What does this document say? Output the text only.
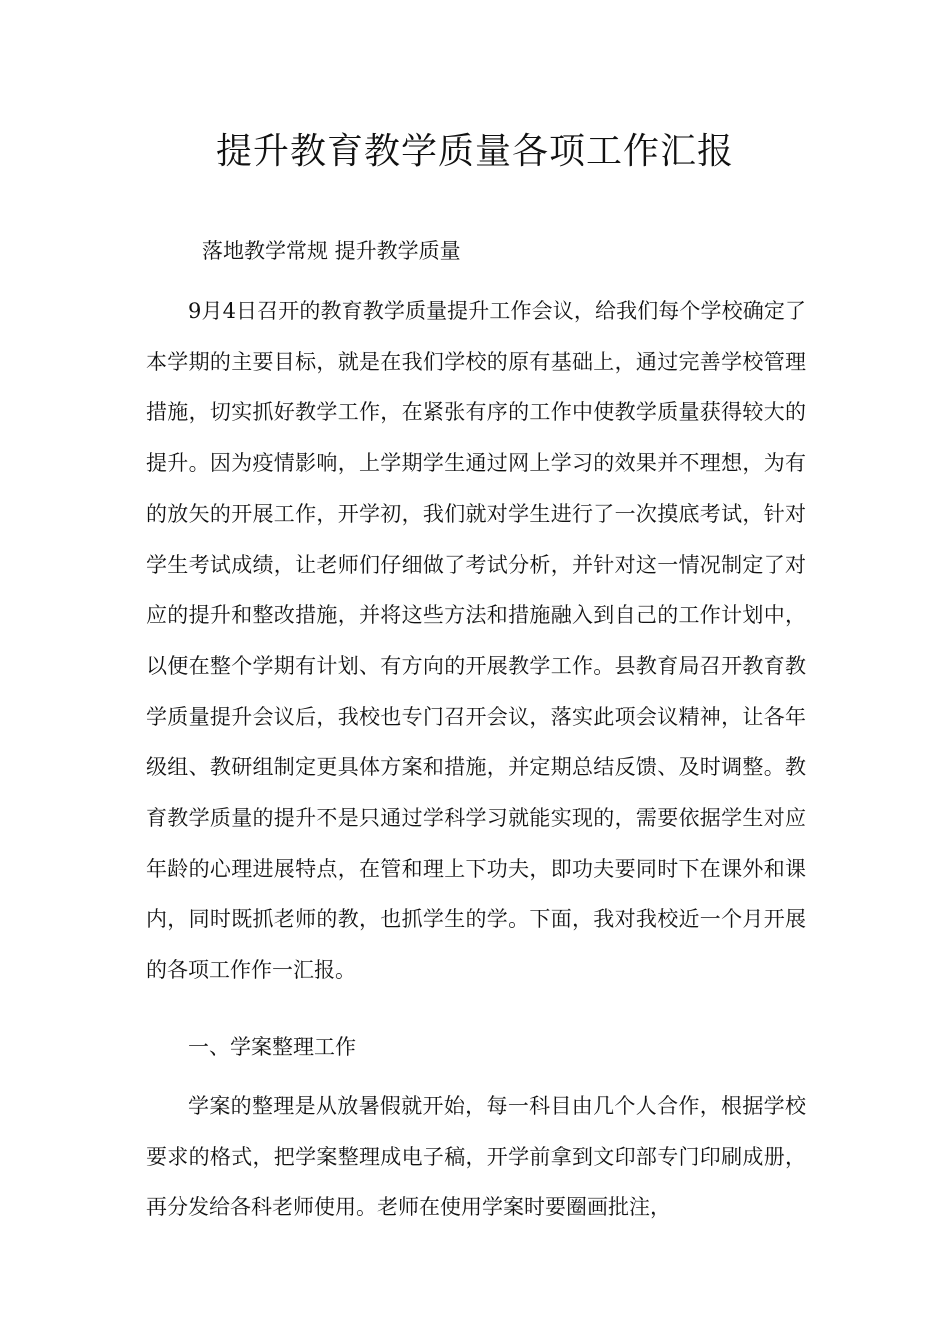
提升教育教学质量各项工作汇报

落地教学常规 提升教学质量

9月4日召开的教育教学质量提升工作会议，给我们每个学校确定了本学期的主要目标，就是在我们学校的原有基础上，通过完善学校管理措施，切实抓好教学工作，在紧张有序的工作中使教学质量获得较大的提升。因为疫情影响，上学期学生通过网上学习的效果并不理想，为有的放矢的开展工作，开学初，我们就对学生进行了一次摸底考试，针对学生考试成绩，让老师们仔细做了考试分析，并针对这一情况制定了对应的提升和整改措施，并将这些方法和措施融入到自己的工作计划中，以便在整个学期有计划、有方向的开展教学工作。县教育局召开教育教学质量提升会议后，我校也专门召开会议，落实此项会议精神，让各年级组、教研组制定更具体方案和措施，并定期总结反馈、及时调整。教育教学质量的提升不是只通过学科学习就能实现的，需要依据学生对应年龄的心理进展特点，在管和理上下功夫，即功夫要同时下在课外和课内，同时既抓老师的教，也抓学生的学。下面，我对我校近一个月开展的各项工作作一汇报。

一、学案整理工作

学案的整理是从放暑假就开始，每一科目由几个人合作，根据学校要求的格式，把学案整理成电子稿，开学前拿到文印部专门印刷成册，再分发给各科老师使用。老师在使用学案时要圈画批注，
